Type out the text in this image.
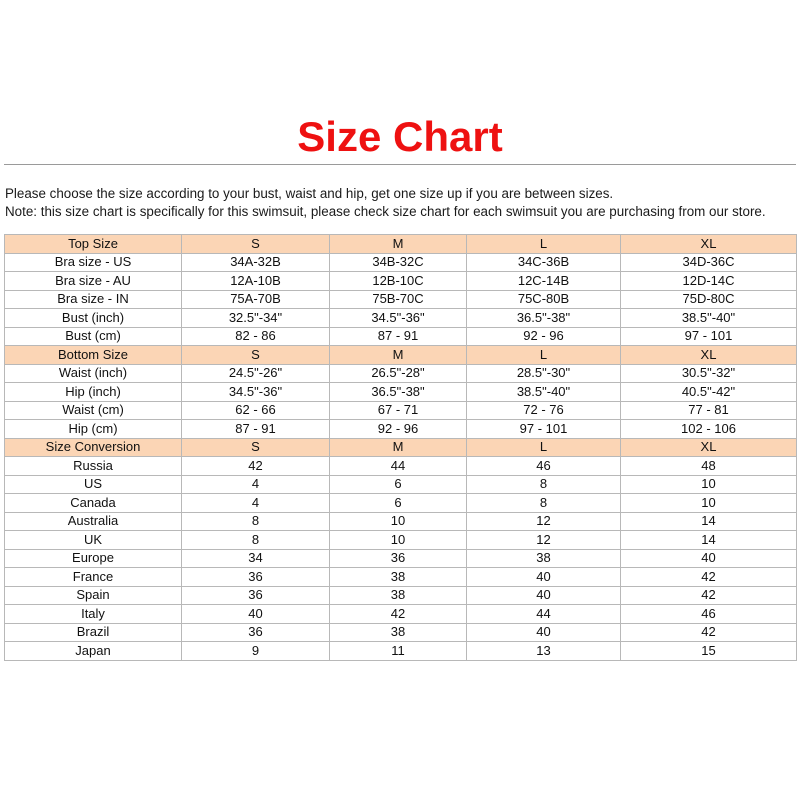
Size Chart
Please choose the size according to your bust, waist and hip, get one size up if you are between sizes.
Note: this size chart is specifically for this swimsuit, please check size chart for each swimsuit you are purchasing from our store.
Top Size	S	M	L	XL
Bra size - US	34A-32B	34B-32C	34C-36B	34D-36C
Bra size - AU	12A-10B	12B-10C	12C-14B	12D-14C
Bra size - IN	75A-70B	75B-70C	75C-80B	75D-80C
Bust (inch)	32.5"-34"	34.5"-36"	36.5"-38"	38.5"-40"
Bust (cm)	82 - 86	87 - 91	92 - 96	97 - 101
Bottom Size	S	M	L	XL
Waist (inch)	24.5"-26"	26.5"-28"	28.5"-30"	30.5"-32"
Hip (inch)	34.5"-36"	36.5"-38"	38.5"-40"	40.5"-42"
Waist (cm)	62 - 66	67 - 71	72 - 76	77 - 81
Hip (cm)	87 - 91	92 - 96	97 - 101	102 - 106
Size Conversion	S	M	L	XL
Russia	42	44	46	48
US	4	6	8	10
Canada	4	6	8	10
Australia	8	10	12	14
UK	8	10	12	14
Europe	34	36	38	40
France	36	38	40	42
Spain	36	38	40	42
Italy	40	42	44	46
Brazil	36	38	40	42
Japan	9	11	13	15
